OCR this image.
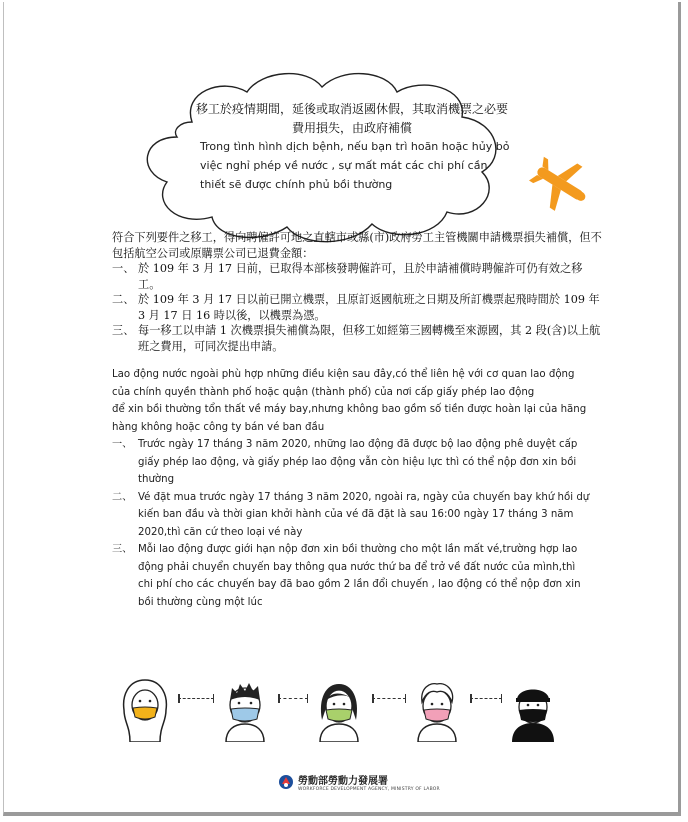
移工於疫情期間，延後或取消返國休假，其取消機票之必要費用損失，由政府補償
Trong tình hình dịch bệnh, nếu bạn trì hoãn hoặc hủy bỏ việc nghỉ phép về nước , sự mất mát các chi phí cần thiết sẽ được chính phủ bồi thường

符合下列要件之移工，得向聘僱許可地之直轄市或縣(市)政府勞工主管機關申請機票損失補償，但不包括航空公司或原購票公司已退費金額：

一、 於 109 年 3 月 17 日前，已取得本部核發聘僱許可，且於申請補償時聘僱許可仍有效之移工。
二、 於 109 年 3 月 17 日以前已開立機票，且原訂返國航班之日期及所訂機票起飛時間於 109 年 3 月 17 日 16 時以後，以機票為憑。
三、 每一移工以申請 1 次機票損失補償為限，但移工如經第三國轉機至來源國，其 2 段(含)以上航班之費用，可同次提出申請。

Lao động nước ngoài phù hợp những điều kiện sau đây,có thể liên hệ với cơ quan lao động của chính quyền thành phố hoặc quận (thành phố) của nơi cấp giấy phép lao động

để xin bồi thường tổn thất về máy bay,nhưng không bao gồm số tiền được hoàn lại của hãng hàng không hoặc công ty bán vé ban đầu

一、 Trước ngày 17 tháng 3 năm 2020, những lao động đã được bộ lao động phê duyệt cấp giấy phép lao động, và giấy phép lao động vẫn còn hiệu lực thì có thể nộp đơn xin bồi thường
二、 Vé đặt mua trước ngày 17 tháng 3 năm 2020, ngoài ra, ngày của chuyến bay khứ hồi dự kiến ban đầu và thời gian khởi hành của vé đã đặt là sau 16:00 ngày 17 tháng 3 năm 2020,thì căn cứ theo loại vé này
三、 Mỗi lao động được giới hạn nộp đơn xin bồi thường cho một lần mất vé,trường hợp lao động phải chuyển chuyến bay thông qua nước thứ ba để trở về đất nước của mình,thì chi phí cho các chuyến bay đã bao gồm 2 lần đổi chuyến , lao động có thể nộp đơn xin bồi thường cùng một lúc
勞動部勞動力發展署
WORKFORCE DEVELOPMENT AGENCY, MINISTRY OF LABOR
